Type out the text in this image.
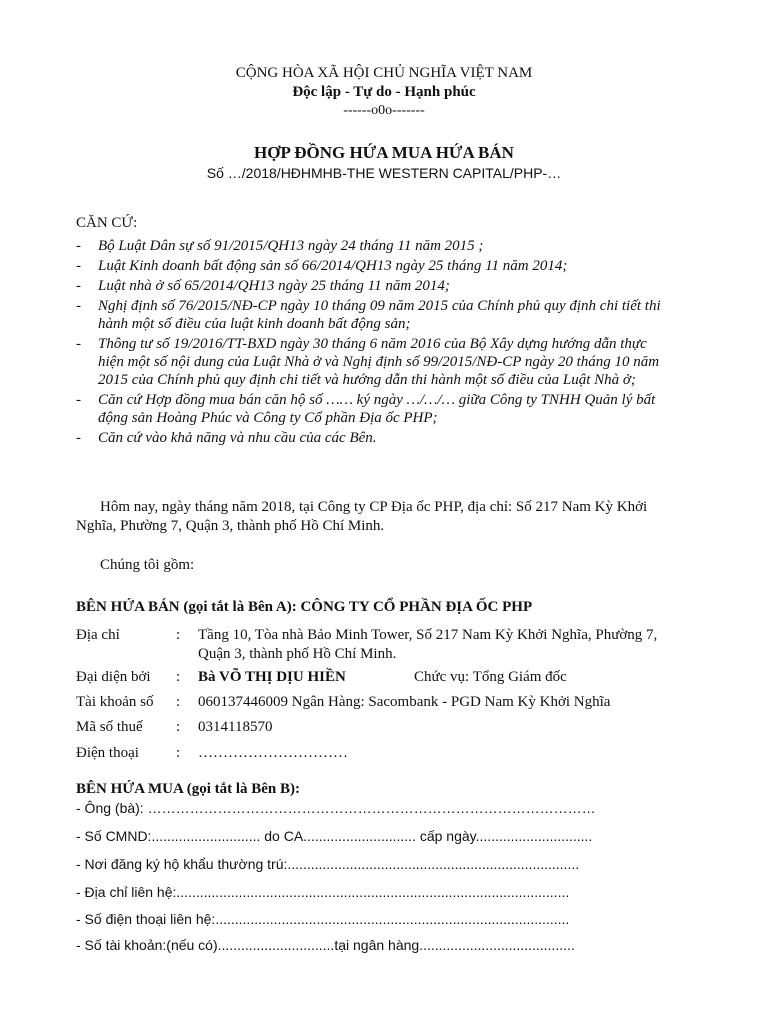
CỘNG HÒA XÃ HỘI CHỦ NGHĨA VIỆT NAM
Độc lập - Tự do - Hạnh phúc
------o0o-------
HỢP ĐỒNG HỨA MUA HỨA BÁN
Số …/2018/HĐHMHB-THE WESTERN CAPITAL/PHP-…
CĂN CỨ:
- Bộ Luật Dân sự số 91/2015/QH13 ngày 24 tháng 11 năm 2015 ;
- Luật Kinh doanh bất động sản số 66/2014/QH13 ngày 25 tháng 11 năm 2014;
- Luật nhà ở số 65/2014/QH13 ngày 25 tháng 11 năm 2014;
- Nghị định số 76/2015/NĐ-CP ngày 10 tháng 09 năm 2015 của Chính phủ quy định chi tiết thi hành một số điều của luật kinh doanh bất động sản;
- Thông tư số 19/2016/TT-BXD ngày 30 tháng 6 năm 2016 của Bộ Xây dựng hướng dẫn thực hiện một số nội dung của Luật Nhà ở và Nghị định số 99/2015/NĐ-CP ngày 20 tháng 10 năm 2015 của Chính phủ quy định chi tiết và hướng dẫn thi hành một số điều của Luật Nhà ở;
- Căn cứ Hợp đồng mua bán căn hộ số …… ký ngày …/…/… giữa Công ty TNHH Quản lý bất động sản Hoàng Phúc và Công ty Cổ phần Địa ốc PHP;
- Căn cứ vào khả năng và nhu cầu của các Bên.
Hôm nay, ngày tháng năm 2018, tại Công ty CP Địa ốc PHP, địa chỉ: Số 217 Nam Kỳ Khởi Nghĩa, Phường 7, Quận 3, thành phố Hồ Chí Minh.
Chúng tôi gồm:
BÊN HỨA BÁN (gọi tắt là Bên A): CÔNG TY CỔ PHẦN ĐỊA ỐC PHP
Địa chỉ	: Tầng 10, Tòa nhà Bảo Minh Tower, Số 217 Nam Kỳ Khởi Nghĩa, Phường 7, Quận 3, thành phố Hồ Chí Minh.
Đại diện bởi	: Bà VÕ THỊ DỊU HIỀN	Chức vụ: Tổng Giám đốc
Tài khoản số	: 060137446009 Ngân Hàng: Sacombank - PGD Nam Kỳ Khởi Nghĩa
Mã số thuế	: 0314118570
Điện thoại	: …………………………
BÊN HỨA MUA (gọi tắt là Bên B):
- Ông (bà): ……………………………………………………………………………………
- Số CMND:............................ do CA............................. cấp ngày..............................
- Nơi đăng ký hộ khẩu thường trú:...........................................................................
- Địa chỉ liên hệ:.....................................................................................................
- Số điện thoại liên hệ:...........................................................................................
- Số tài khoản:(nếu có)..............................tại ngân hàng........................................
